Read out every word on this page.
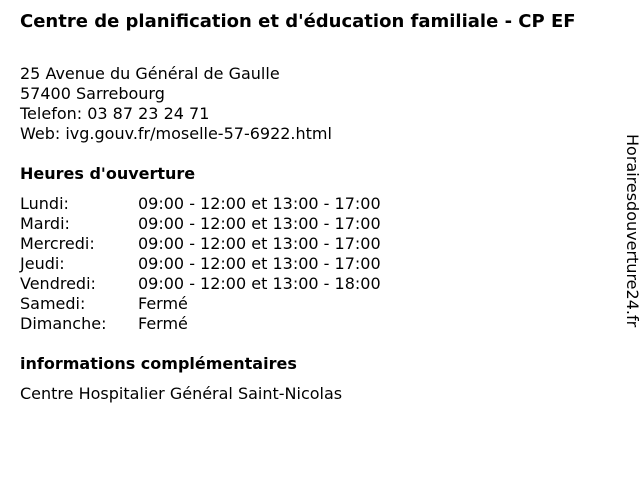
Centre de planification et d'éducation familiale - CP EF
25 Avenue du Général de Gaulle
57400 Sarrebourg
Telefon: 03 87 23 24 71
Web: ivg.gouv.fr/moselle-57-6922.html
Heures d'ouverture
Lundi:	09:00 - 12:00 et 13:00 - 17:00
Mardi:	09:00 - 12:00 et 13:00 - 17:00
Mercredi:	09:00 - 12:00 et 13:00 - 17:00
Jeudi:	09:00 - 12:00 et 13:00 - 17:00
Vendredi:	09:00 - 12:00 et 13:00 - 18:00
Samedi:	Fermé
Dimanche:	Fermé
informations complémentaires
Centre Hospitalier Général Saint-Nicolas
Horairesdouverture24.fr
